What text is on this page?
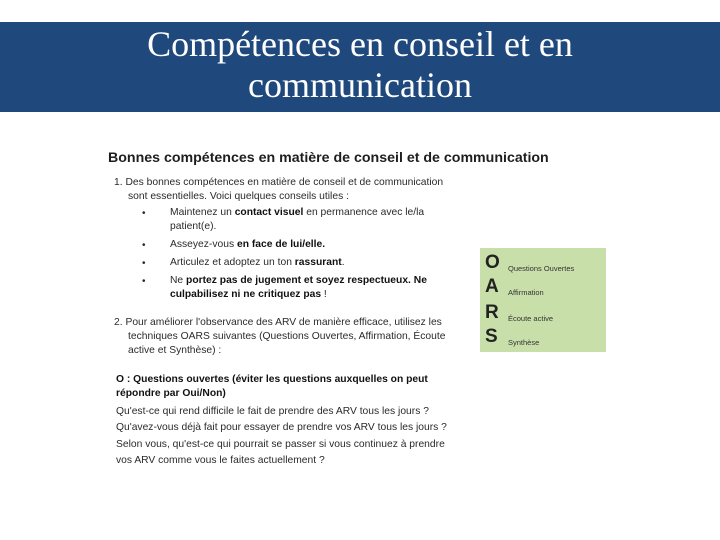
Compétences en conseil et en
communication
Bonnes compétences en matière de conseil et de communication
1. Des bonnes compétences en matière de conseil et de communication
sont essentielles. Voici quelques conseils utiles :
• Maintenez un contact visuel en permanence avec le/la
patient(e).
• Asseyez-vous en face de lui/elle.
• Articulez et adoptez un ton rassurant.
• Ne portez pas de jugement et soyez respectueux. Ne
culpabilisez ni ne critiquez pas !
2. Pour améliorer l'observance des ARV de manière efficace, utilisez les
techniques OARS suivantes (Questions Ouvertes, Affirmation, Écoute
active et Synthèse) :
O : Questions ouvertes (éviter les questions auxquelles on peut
répondre par Oui/Non)
Qu'est-ce qui rend difficile le fait de prendre des ARV tous les jours ?
Qu'avez-vous déjà fait pour essayer de prendre vos ARV tous les jours ?
Selon vous, qu'est-ce qui pourrait se passer si vous continuez à prendre
vos ARV comme vous le faites actuellement ?
O Questions Ouvertes
A Affirmation
R Écoute active
S Synthèse
